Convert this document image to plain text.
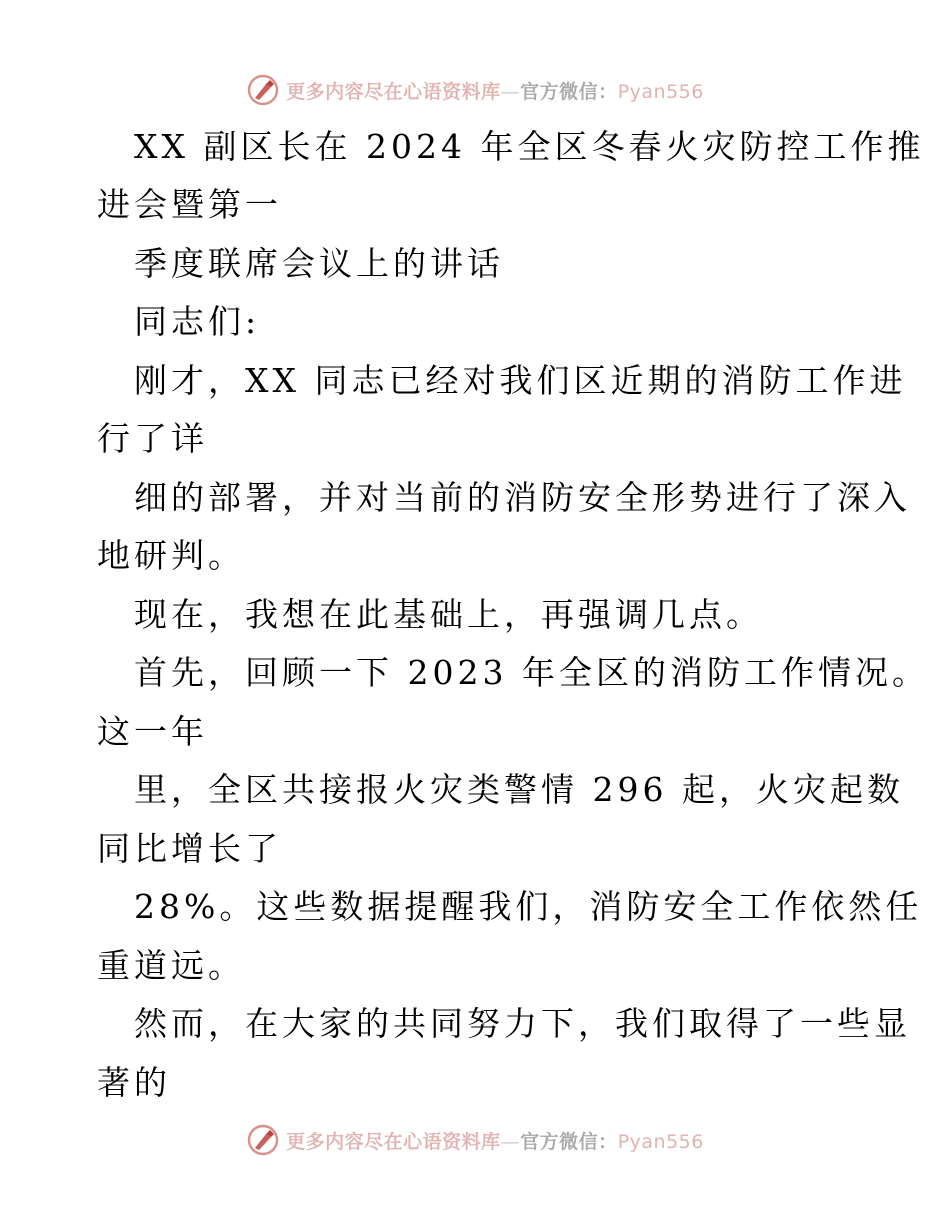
更多内容尽在心语资料库—官方微信：Pyan556
XX 副区长在 2024 年全区冬春火灾防控工作推
进会暨第一
季度联席会议上的讲话
同志们:
刚才，XX 同志已经对我们区近期的消防工作进
行了详
细的部署，并对当前的消防安全形势进行了深入
地研判。
现在，我想在此基础上，再强调几点。
首先，回顾一下 2023 年全区的消防工作情况。
这一年
里，全区共接报火灾类警情 296 起，火灾起数
同比增长了
28%。这些数据提醒我们，消防安全工作依然任
重道远。
然而，在大家的共同努力下，我们取得了一些显
著的
更多内容尽在心语资料库—官方微信：Pyan556
